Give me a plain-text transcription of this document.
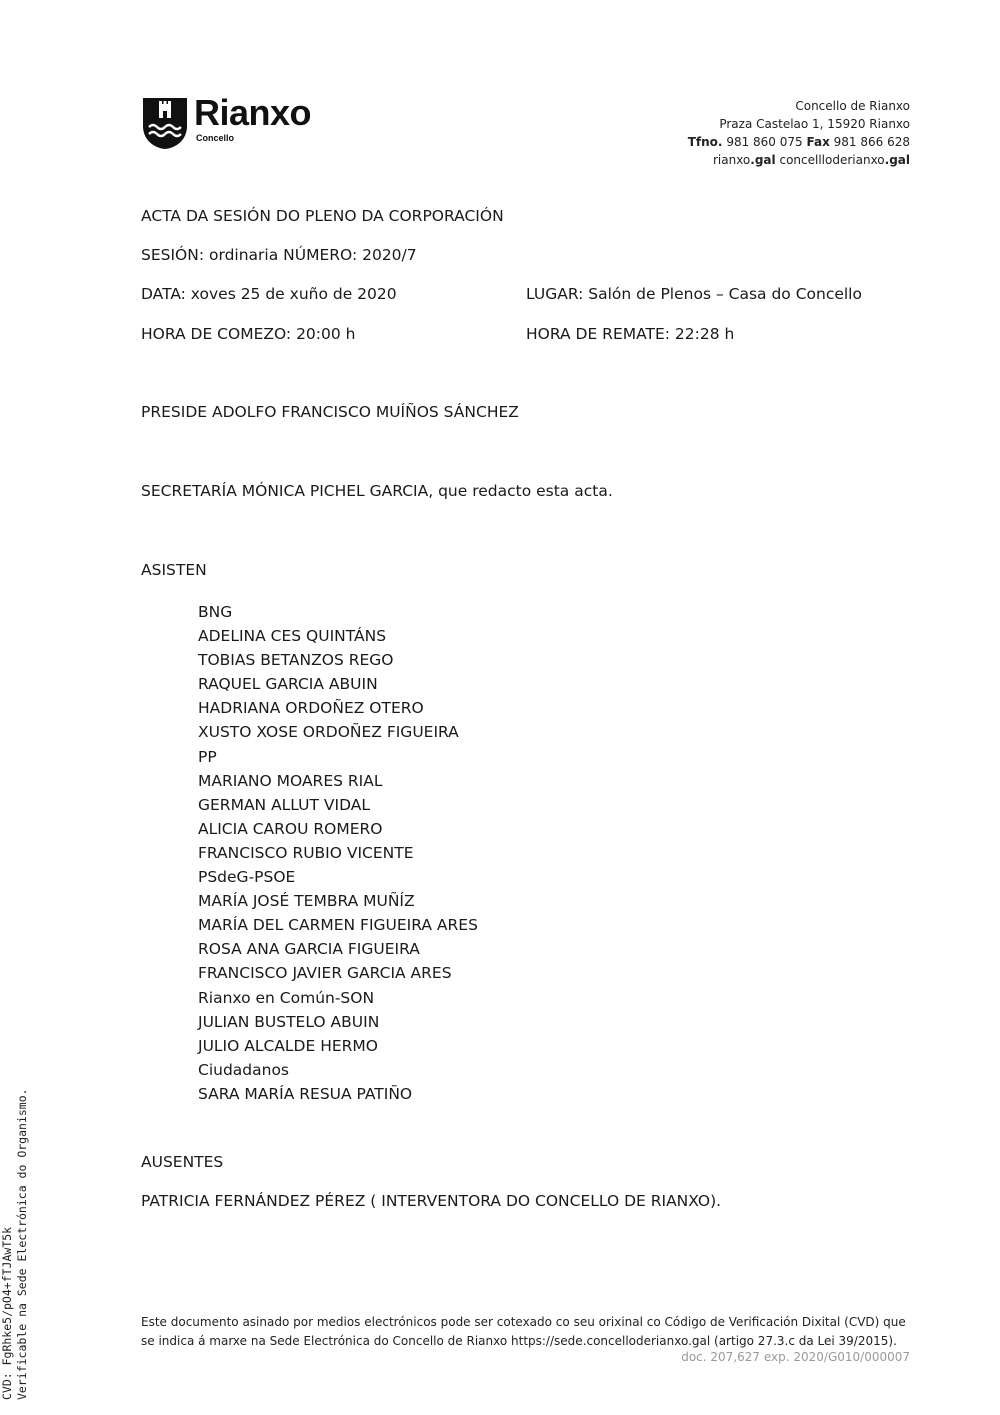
Rianxo
Concello
Concello de Rianxo
Praza Castelao 1, 15920 Rianxo
Tfno. 981 860 075 Fax 981 866 628
rianxo.gal concellloderianxo.gal
ACTA DA SESIÓN DO PLENO DA CORPORACIÓN
SESIÓN: ordinaria NÚMERO: 2020/7
DATA: xoves 25 de xuño de 2020	LUGAR: Salón de Plenos – Casa do Concello
HORA DE COMEZO: 20:00 h	HORA DE REMATE: 22:28 h
PRESIDE ADOLFO FRANCISCO MUÍÑOS SÁNCHEZ
SECRETARÍA MÓNICA PICHEL GARCIA, que redacto esta acta.
ASISTEN
BNG
ADELINA CES QUINTÁNS
TOBIAS BETANZOS REGO
RAQUEL GARCIA ABUIN
HADRIANA ORDOÑEZ OTERO
XUSTO XOSE ORDOÑEZ FIGUEIRA
PP
MARIANO MOARES RIAL
GERMAN ALLUT VIDAL
ALICIA CAROU ROMERO
FRANCISCO RUBIO VICENTE
PSdeG-PSOE
MARÍA JOSÉ TEMBRA MUÑÍZ
MARÍA DEL CARMEN FIGUEIRA ARES
ROSA ANA GARCIA FIGUEIRA
FRANCISCO JAVIER GARCIA ARES
Rianxo en Común-SON
JULIAN BUSTELO ABUIN
JULIO ALCALDE HERMO
Ciudadanos
SARA MARÍA RESUA PATIÑO
AUSENTES
PATRICIA FERNÁNDEZ PÉREZ ( INTERVENTORA DO CONCELLO DE RIANXO).
Este documento asinado por medios electrónicos pode ser cotexado co seu orixinal co Código de Verificación Dixital (CVD) que
se indica á marxe na Sede Electrónica do Concello de Rianxo https://sede.concelloderianxo.gal (artigo 27.3.c da Lei 39/2015).
doc. 207,627 exp. 2020/G010/000007
CVD: FgRhke5/pO4+fTJAwT5k Verificable na Sede Electrónica do Organismo.
